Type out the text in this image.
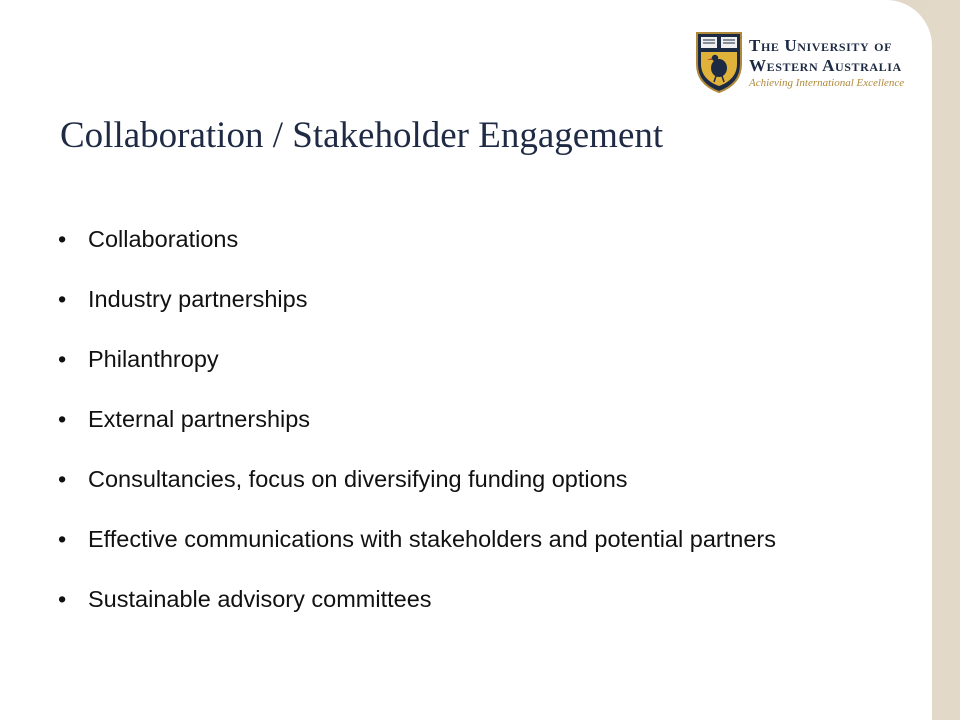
The University of
Western Australia
Achieving International Excellence
Collaboration / Stakeholder Engagement
• Collaborations
• Industry partnerships
• Philanthropy
• External partnerships
• Consultancies, focus on diversifying funding options
• Effective communications with stakeholders and potential partners
• Sustainable advisory committees
